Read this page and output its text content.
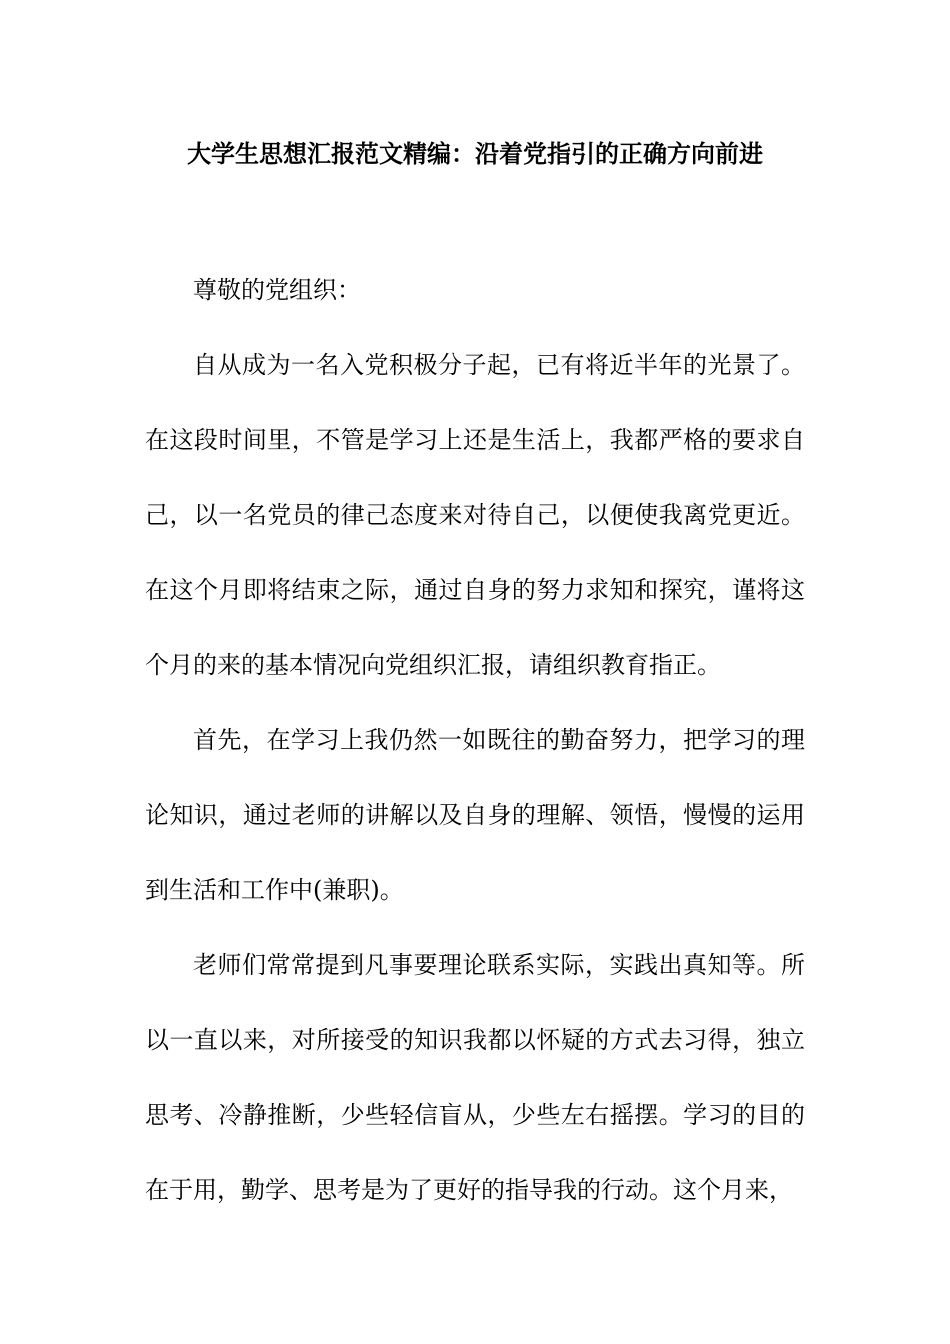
大学生思想汇报范文精编：沿着党指引的正确方向前进

尊敬的党组织：

自从成为一名入党积极分子起，已有将近半年的光景了。在这段时间里，不管是学习上还是生活上，我都严格的要求自己，以一名党员的律己态度来对待自己，以便使我离党更近。在这个月即将结束之际，通过自身的努力求知和探究，谨将这个月的来的基本情况向党组织汇报，请组织教育指正。

首先，在学习上我仍然一如既往的勤奋努力，把学习的理论知识，通过老师的讲解以及自身的理解、领悟，慢慢的运用到生活和工作中(兼职)。

老师们常常提到凡事要理论联系实际，实践出真知等。所以一直以来，对所接受的知识我都以怀疑的方式去习得，独立思考、冷静推断，少些轻信盲从，少些左右摇摆。学习的目的在于用，勤学、思考是为了更好的指导我的行动。这个月来，
